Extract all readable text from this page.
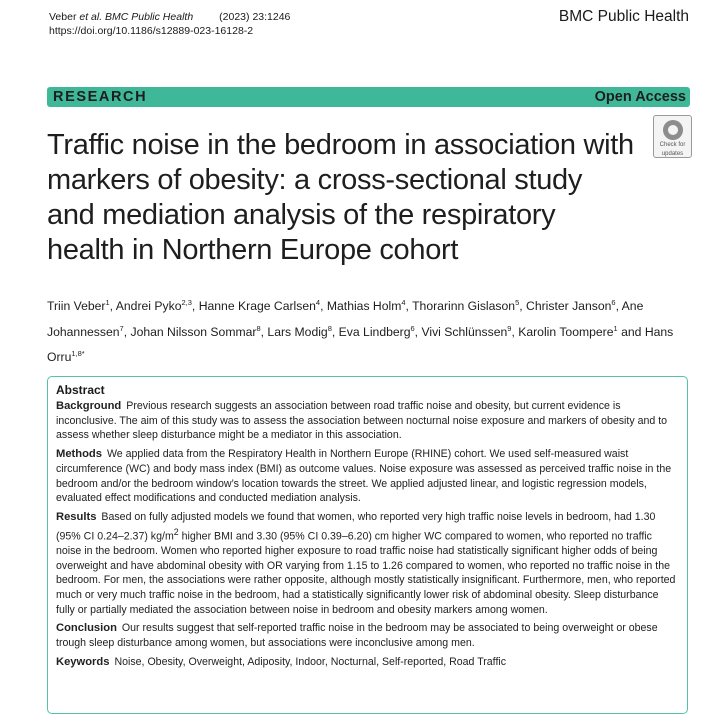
Veber et al. BMC Public Health (2023) 23:1246
https://doi.org/10.1186/s12889-023-16128-2
BMC Public Health
RESEARCH	Open Access
Traffic noise in the bedroom in association with markers of obesity: a cross-sectional study and mediation analysis of the respiratory health in Northern Europe cohort
Check for
updates
Triin Veber$^1$, Andrei Pyko$^{2,3}$, Hanne Krage Carlsen$^4$, Mathias Holm$^4$, Thorarinn Gislason$^5$, Christer Janson$^6$, Ane Johannessen$^7$, Johan Nilsson Sommar$^8$, Lars Modig$^8$, Eva Lindberg$^6$, Vivi Schlünssen$^9$, Karolin Toompere$^1$ and Hans Orru$^{1,8*}$
Abstract

Background Previous research suggests an association between road traffic noise and obesity, but current evidence is inconclusive. The aim of this study was to assess the association between nocturnal noise exposure and markers of obesity and to assess whether sleep disturbance might be a mediator in this association.

Methods We applied data from the Respiratory Health in Northern Europe (RHINE) cohort. We used self-measured waist circumference (WC) and body mass index (BMI) as outcome values. Noise exposure was assessed as perceived traffic noise in the bedroom and/or the bedroom window’s location towards the street. We applied adjusted linear, and logistic regression models, evaluated effect modifications and conducted mediation analysis.

Results Based on fully adjusted models we found that women, who reported very high traffic noise levels in bedroom, had 1.30 (95% CI 0.24–2.37) $kg/m^2$ higher BMI and 3.30 (95% CI 0.39–6.20) cm higher WC compared to women, who reported no traffic noise in the bedroom. Women who reported higher exposure to road traffic noise had statistically significant higher odds of being overweight and have abdominal obesity with OR varying from 1.15 to 1.26 compared to women, who reported no traffic noise in the bedroom. For men, the associations were rather opposite, although mostly statistically insignificant. Furthermore, men, who reported much or very much traffic noise in the bedroom, had a statistically significantly lower risk of abdominal obesity. Sleep disturbance fully or partially mediated the association between noise in bedroom and obesity markers among women.

Conclusion Our results suggest that self-reported traffic noise in the bedroom may be associated to being overweight or obese trough sleep disturbance among women, but associations were inconclusive among men.

Keywords Noise, Obesity, Overweight, Adiposity, Indoor, Nocturnal, Self-reported, Road Traffic
